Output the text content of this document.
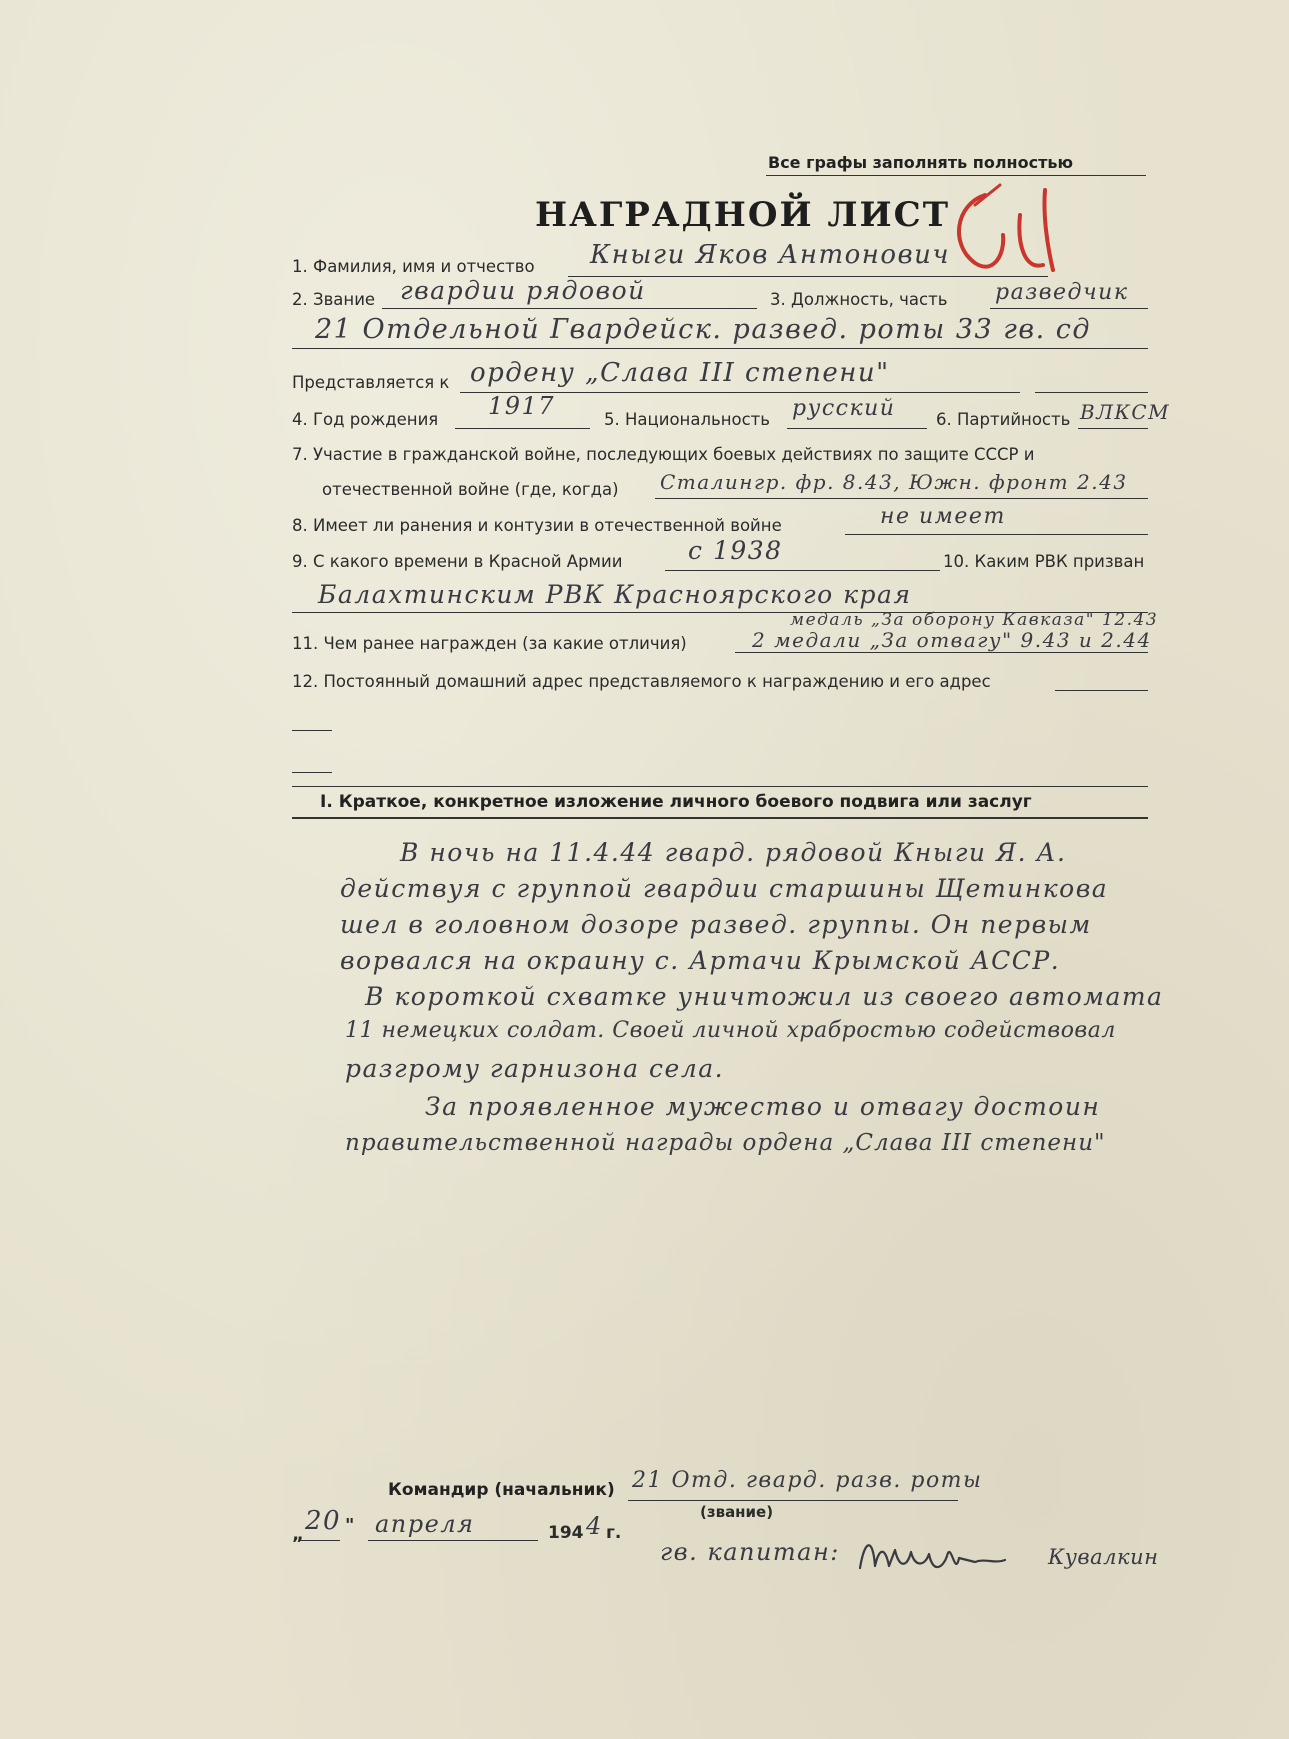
Все графы заполнять полностью
НАГРАДНОЙ ЛИСТ
1. Фамилия, имя и отчество Кныги Яков Антонович
2. Звание гвардии рядовой	3. Должность, часть разведчик
21 Отдельной Гвардейск. развед. роты 33 гв. сд
Представляется к ордену „Слава III степени"
4. Год рождения 1917	5. Национальность русский 6. Партийность ВЛКСМ
7. Участие в гражданской войне, последующих боевых действиях по защите СССР и
отечественной войне (где, когда) Сталингр. фр. 8.43, Южн. фронт 2.43
8. Имеет ли ранения и контузии в отечественной войне	не имеет
9. С какого времени в Красной Армии	с 1938	10. Каким РВК призван
Балахтинским РВК Красноярского края
11. Чем ранее награжден (за какие отличия)
медаль „За оборону Кавказа" 12.43
2 медали „За отвагу" 9.43 и 2.44
12. Постоянный домашний адрес представляемого к награждению и его адрес
I. Краткое, конкретное изложение личного боевого подвига или заслуг
В ночь на 11.4.44 гвард. рядовой Кныги Я. А.
действуя с группой гвардии старшины Щетинкова
шел в головном дозоре развед. группы. Он первым
ворвался на окраину с. Артачи Крымской АССР.
В короткой схватке уничтожил из своего автомата
11 немецких солдат. Своей личной храбростью содействовал
разгрому гарнизона села.
За проявленное мужество и отвагу достоин
правительственной награды ордена „Слава III степени"
Командир (начальник) 21 Отд. гвард. разв. роты
(звание)
„ 20 " апреля	194 4 г.
гв. капитан:	Кувалкин
